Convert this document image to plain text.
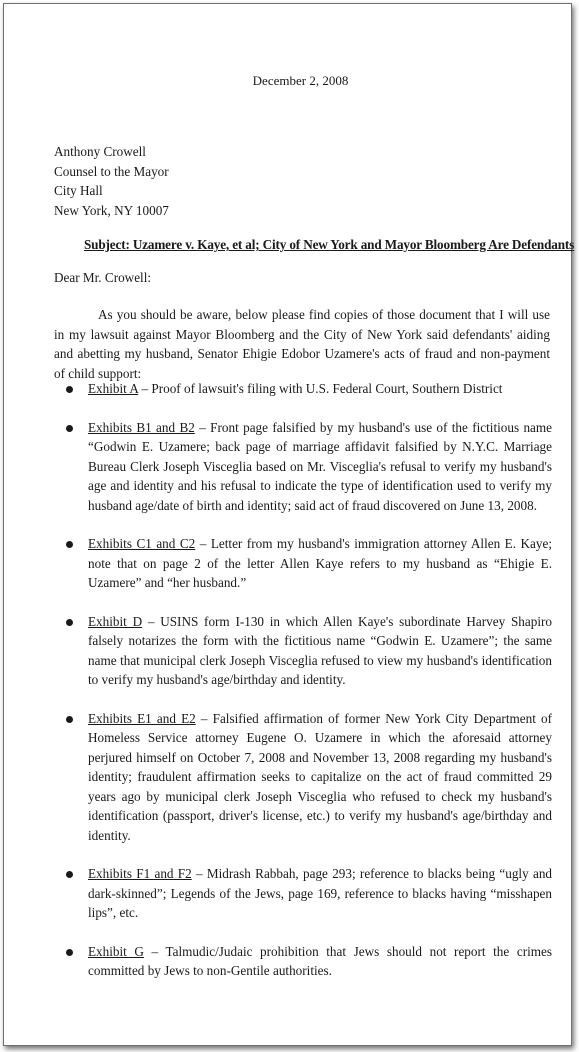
December 2, 2008
Anthony Crowell
Counsel to the Mayor
City Hall
New York, NY 10007
Subject: Uzamere v. Kaye, et al; City of New York and Mayor Bloomberg Are Defendants
Dear Mr. Crowell:
As you should be aware, below please find copies of those document that I will use in my lawsuit against Mayor Bloomberg and the City of New York said defendants' aiding and abetting my husband, Senator Ehigie Edobor Uzamere's acts of fraud and non-payment of child support:
Exhibit A – Proof of lawsuit's filing with U.S. Federal Court, Southern District
Exhibits B1 and B2 – Front page falsified by my husband's use of the fictitious name “Godwin E. Uzamere; back page of marriage affidavit falsified by N.Y.C. Marriage Bureau Clerk Joseph Visceglia based on Mr. Visceglia's refusal to verify my husband's age and identity and his refusal to indicate the type of identification used to verify my husband age/date of birth and identity; said act of fraud discovered on June 13, 2008.
Exhibits C1 and C2 – Letter from my husband's immigration attorney Allen E. Kaye; note that on page 2 of the letter Allen Kaye refers to my husband as “Ehigie E. Uzamere” and “her husband.”
Exhibit D – USINS form I-130 in which Allen Kaye's subordinate Harvey Shapiro falsely notarizes the form with the fictitious name “Godwin E. Uzamere”; the same name that municipal clerk Joseph Visceglia refused to view my husband's identification to verify my husband's age/birthday and identity.
Exhibits E1 and E2 – Falsified affirmation of former New York City Department of Homeless Service attorney Eugene O. Uzamere in which the aforesaid attorney perjured himself on October 7, 2008 and November 13, 2008 regarding my husband's identity; fraudulent affirmation seeks to capitalize on the act of fraud committed 29 years ago by municipal clerk Joseph Visceglia who refused to check my husband's identification (passport, driver's license, etc.) to verify my husband's age/birthday and identity.
Exhibits F1 and F2 – Midrash Rabbah, page 293; reference to blacks being “ugly and dark-skinned”; Legends of the Jews, page 169, reference to blacks having “misshapen lips”, etc.
Exhibit G – Talmudic/Judaic prohibition that Jews should not report the crimes committed by Jews to non-Gentile authorities.
